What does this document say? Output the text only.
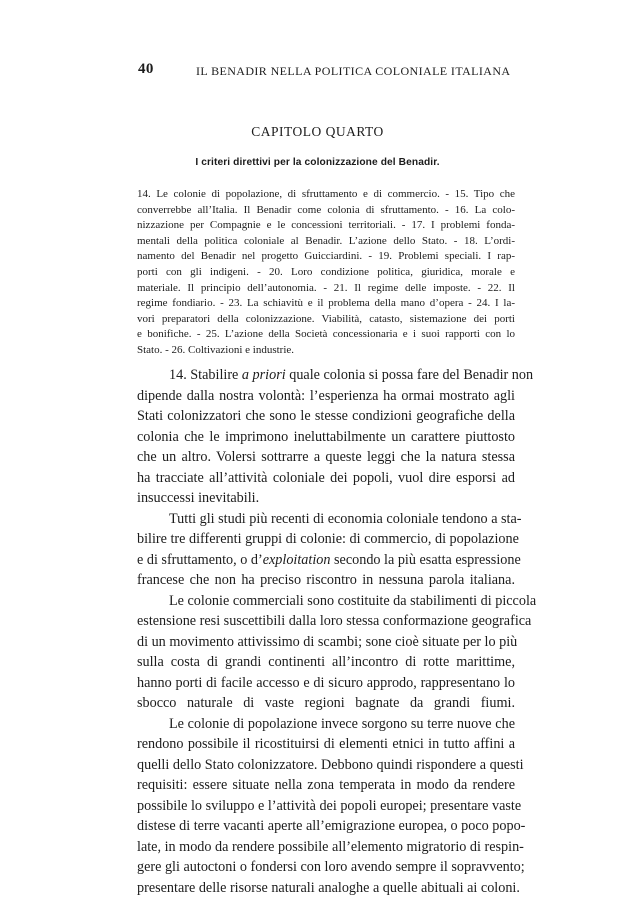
40	IL BENADIR NELLA POLITICA COLONIALE ITALIANA
CAPITOLO QUARTO
I criteri direttivi per la colonizzazione del Benadir.
14. Le colonie di popolazione, di sfruttamento e di commercio. - 15. Tipo che
converrebbe all’Italia. Il Benadir come colonia di sfruttamento. - 16. La colo-
nizzazione per Compagnie e le concessioni territoriali. - 17. I problemi fonda-
mentali della politica coloniale al Benadir. L’azione dello Stato. - 18. L’ordi-
namento del Benadir nel progetto Guicciardini. - 19. Problemi speciali. I rap-
porti con gli indigeni. - 20. Loro condizione politica, giuridica, morale e
materiale. Il principio dell’autonomia. - 21. Il regime delle imposte. - 22. Il
regime fondiario. - 23. La schiavitù e il problema della mano d’opera - 24. I la-
vori preparatori della colonizzazione. Viabilità, catasto, sistemazione dei porti
e bonifiche. - 25. L’azione della Società concessionaria e i suoi rapporti con lo
Stato. - 26. Coltivazioni e industrie.
14. Stabilire a priori quale colonia si possa fare del Benadir non
dipende dalla nostra volontà: l’esperienza ha ormai mostrato agli
Stati colonizzatori che sono le stesse condizioni geografiche della
colonia che le imprimono ineluttabilmente un carattere piuttosto
che un altro. Volersi sottrarre a queste leggi che la natura stessa
ha tracciate all’attività coloniale dei popoli, vuol dire esporsi ad
insuccessi inevitabili.
Tutti gli studi più recenti di economia coloniale tendono a sta-
bilire tre differenti gruppi di colonie: di commercio, di popolazione
e di sfruttamento, o d’exploitation secondo la più esatta espressione
francese che non ha preciso riscontro in nessuna parola italiana.
Le colonie commerciali sono costituite da stabilimenti di piccola
estensione resi suscettibili dalla loro stessa conformazione geografica
di un movimento attivissimo di scambi; sone cioè situate per lo più
sulla costa di grandi continenti all’incontro di rotte marittime,
hanno porti di facile accesso e di sicuro approdo, rappresentano lo
sbocco naturale di vaste regioni bagnate da grandi fiumi.
Le colonie di popolazione invece sorgono su terre nuove che
rendono possibile il ricostituirsi di elementi etnici in tutto affini a
quelli dello Stato colonizzatore. Debbono quindi rispondere a questi
requisiti: essere situate nella zona temperata in modo da rendere
possibile lo sviluppo e l’attività dei popoli europei; presentare vaste
distese di terre vacanti aperte all’emigrazione europea, o poco popo-
late, in modo da rendere possibile all’elemento migratorio di respin-
gere gli autoctoni o fondersi con loro avendo sempre il sopravvento;
presentare delle risorse naturali analoghe a quelle abituali ai coloni.
